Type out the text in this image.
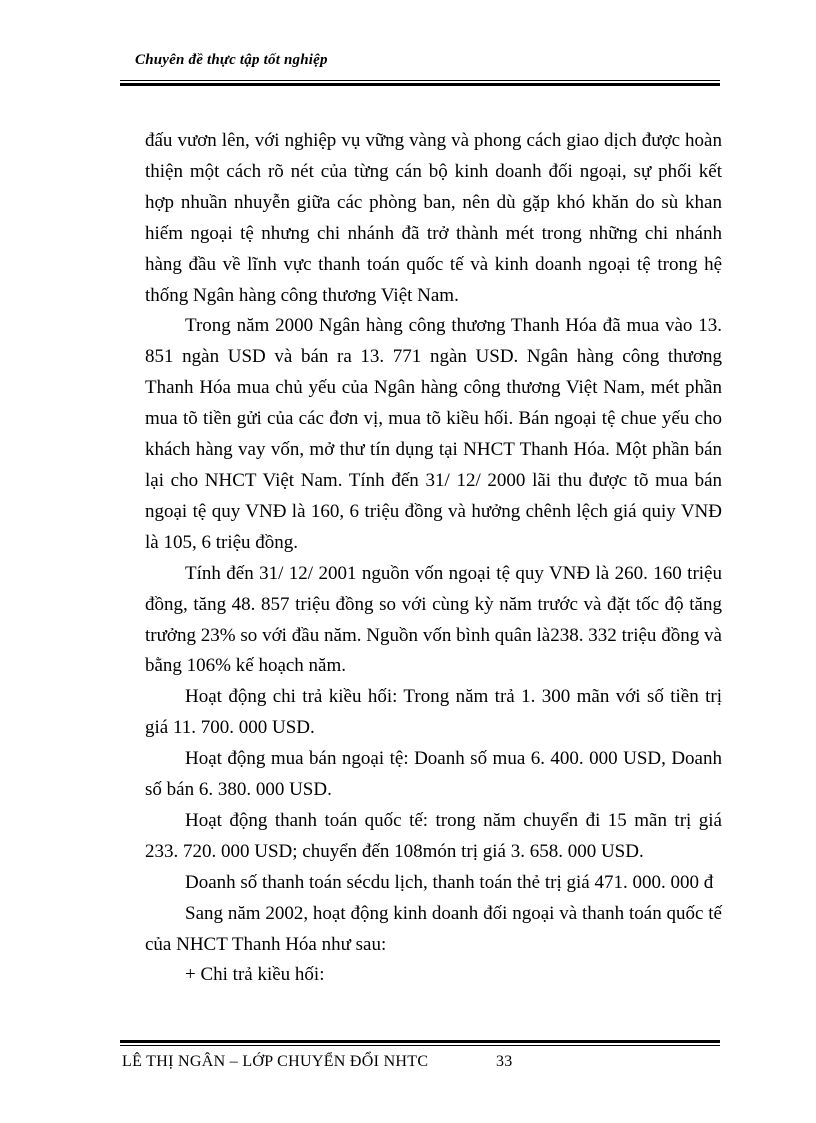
Chuyên đề thực tập tốt nghiệp

đấu vươn lên, với nghiệp vụ vững vàng và phong cách giao dịch được hoàn thiện một cách rõ nét của từng cán bộ kinh doanh đối ngoại, sự phối kết hợp nhuần nhuyễn giữa các phòng ban, nên dù gặp khó khăn do sù khan hiếm ngoại tệ nhưng chi nhánh đã trở thành mét trong những chi nhánh hàng đầu về lĩnh vực thanh toán quốc tế và kinh doanh ngoại tệ trong hệ thống Ngân hàng công thương Việt Nam.

Trong năm 2000 Ngân hàng công thương Thanh Hóa đã mua vào 13. 851 ngàn USD và bán ra 13. 771 ngàn USD. Ngân hàng công thương Thanh Hóa mua chủ yếu của Ngân hàng công thương Việt Nam, mét phần mua tõ tiền gửi của các đơn vị, mua tõ kiều hối. Bán ngoại tệ chue yếu cho khách hàng vay vốn, mở thư tín dụng tại NHCT Thanh Hóa. Một phần bán lại cho NHCT Việt Nam. Tính đến 31/ 12/ 2000 lãi thu được tõ mua bán ngoại tệ quy VNĐ là 160, 6 triệu đồng và hưởng chênh lệch giá quiy VNĐ là 105, 6 triệu đồng.

Tính đến 31/ 12/ 2001 nguồn vốn ngoại tệ quy VNĐ là 260. 160 triệu đồng, tăng 48. 857 triệu đồng so với cùng kỳ năm trước và đặt tốc độ tăng trưởng 23% so với đầu năm. Nguồn vốn bình quân là238. 332 triệu đồng và bằng 106% kế hoạch năm.

Hoạt động chi trả kiều hối: Trong năm trả 1. 300 mãn với số tiền trị giá 11. 700. 000 USD.

Hoạt động mua bán ngoại tệ: Doanh số mua 6. 400. 000 USD, Doanh số bán 6. 380. 000 USD.

Hoạt động thanh toán quốc tế: trong năm chuyển đi 15 mãn trị giá 233. 720. 000 USD; chuyển đến 108món trị giá 3. 658. 000 USD.

Doanh số thanh toán sécdu lịch, thanh toán thẻ trị giá 471. 000. 000 đ

Sang năm 2002, hoạt động kinh doanh đối ngoại và thanh toán quốc tế của NHCT Thanh Hóa như sau:

+ Chi trả kiều hối:

LÊ THỊ NGÂN – LỚP CHUYỂN ĐỔI NHTC	33
